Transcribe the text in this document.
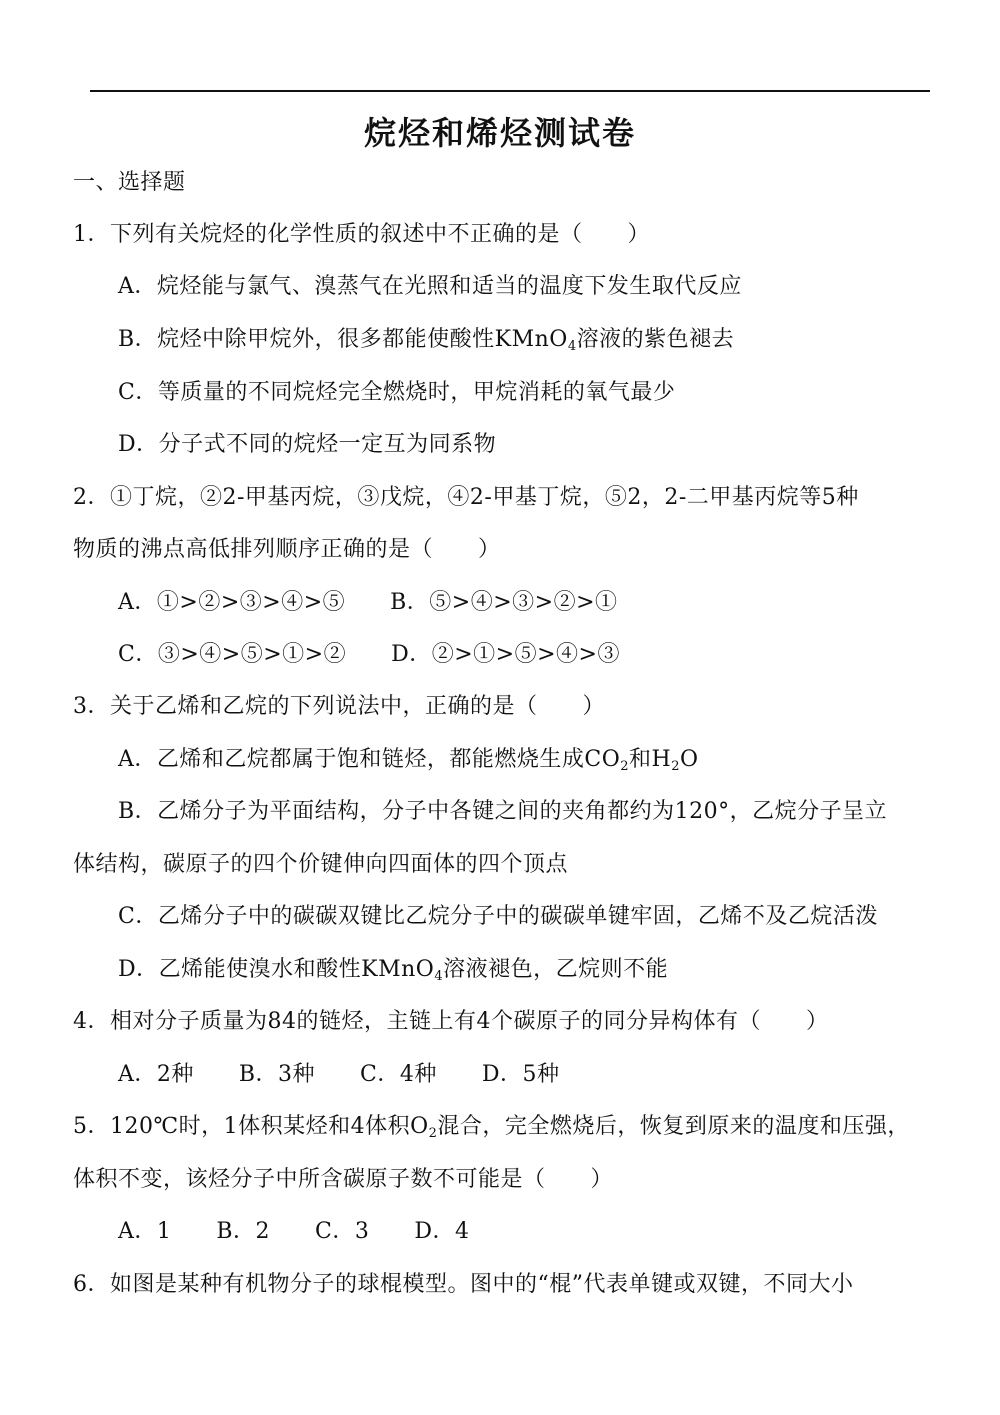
烷烃和烯烃测试卷
一、选择题
1．下列有关烷烃的化学性质的叙述中不正确的是（　　）
A．烷烃能与氯气、溴蒸气在光照和适当的温度下发生取代反应
B．烷烃中除甲烷外，很多都能使酸性KMnO$_4$溶液的紫色褪去
C．等质量的不同烷烃完全燃烧时，甲烷消耗的氧气最少
D．分子式不同的烷烃一定互为同系物
2．①丁烷，②2-甲基丙烷，③戊烷，④2-甲基丁烷，⑤2，2-二甲基丙烷等5种
物质的沸点高低排列顺序正确的是（　　）
A．①>②>③>④>⑤　　B．⑤>④>③>②>①
C．③>④>⑤>①>②　　D．②>①>⑤>④>③
3．关于乙烯和乙烷的下列说法中，正确的是（　　）
A．乙烯和乙烷都属于饱和链烃，都能燃烧生成$CO_2$和$H_2O$
B．乙烯分子为平面结构，分子中各键之间的夹角都约为120°，乙烷分子呈立
体结构，碳原子的四个价键伸向四面体的四个顶点
C．乙烯分子中的碳碳双键比乙烷分子中的碳碳单键牢固，乙烯不及乙烷活泼
D．乙烯能使溴水和酸性KMnO$_4$溶液褪色，乙烷则不能
4．相对分子质量为84的链烃，主链上有4个碳原子的同分异构体有（　　）
A．2种　　B．3种　　C．4种　　D．5种
5．120℃时，1体积某烃和4体积$O_2$混合，完全燃烧后，恢复到原来的温度和压强，
体积不变，该烃分子中所含碳原子数不可能是（　　）
A．1　　B．2　　C．3　　D．4
6．如图是某种有机物分子的球棍模型。图中的“棍”代表单键或双键，不同大小
